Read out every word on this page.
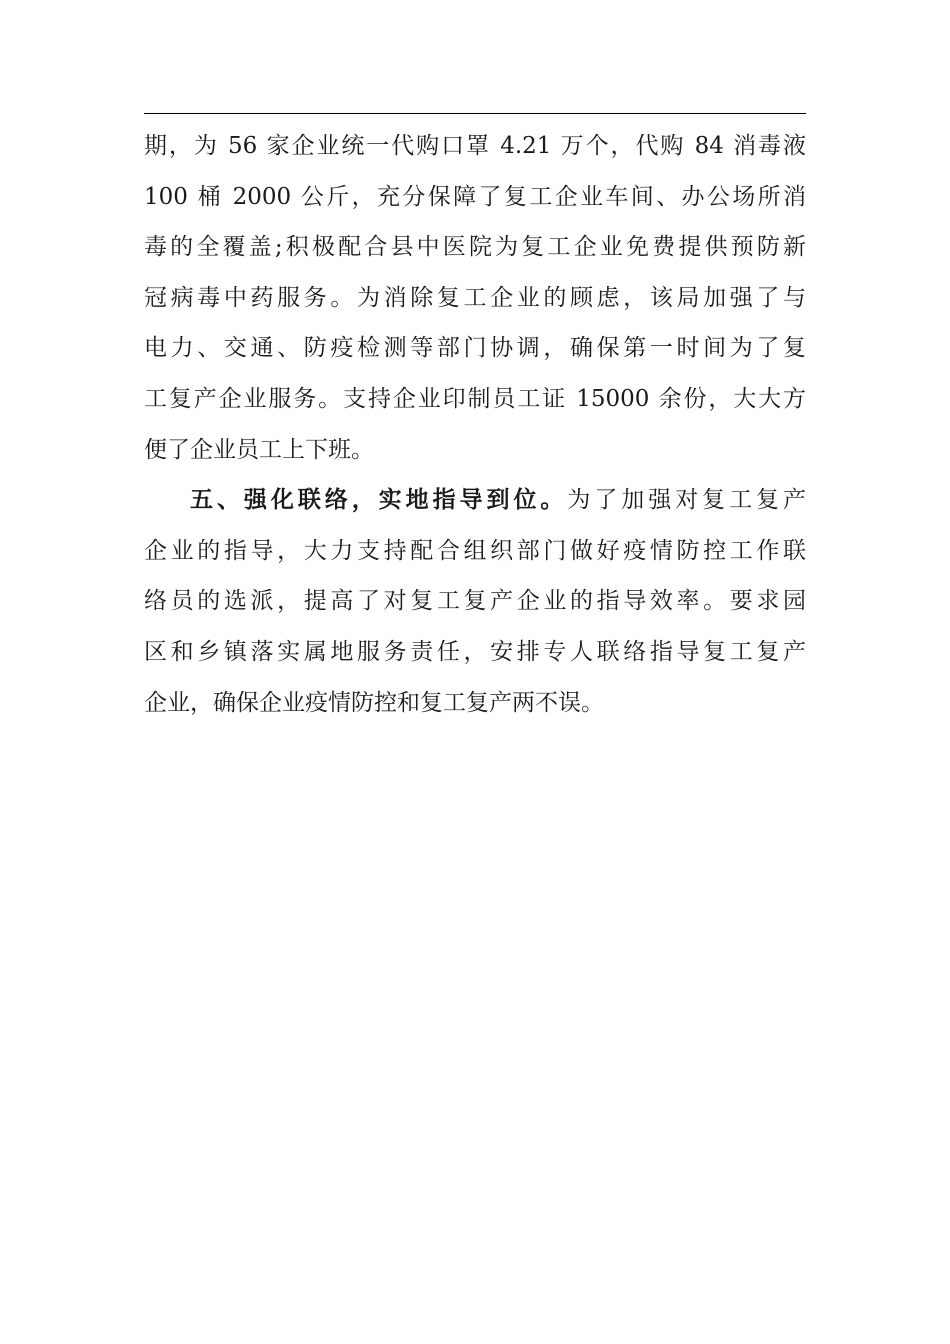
期，为 56 家企业统一代购口罩 4.21 万个，代购 84 消毒液
100 桶 2000 公斤，充分保障了复工企业车间、办公场所消
毒的全覆盖;积极配合县中医院为复工企业免费提供预防新
冠病毒中药服务。为消除复工企业的顾虑，该局加强了与
电力、交通、防疫检测等部门协调，确保第一时间为了复
工复产企业服务。支持企业印制员工证 15000 余份，大大方
便了企业员工上下班。
五、强化联络，实地指导到位。为了加强对复工复产
企业的指导，大力支持配合组织部门做好疫情防控工作联
络员的选派，提高了对复工复产企业的指导效率。要求园
区和乡镇落实属地服务责任，安排专人联络指导复工复产
企业，确保企业疫情防控和复工复产两不误。
